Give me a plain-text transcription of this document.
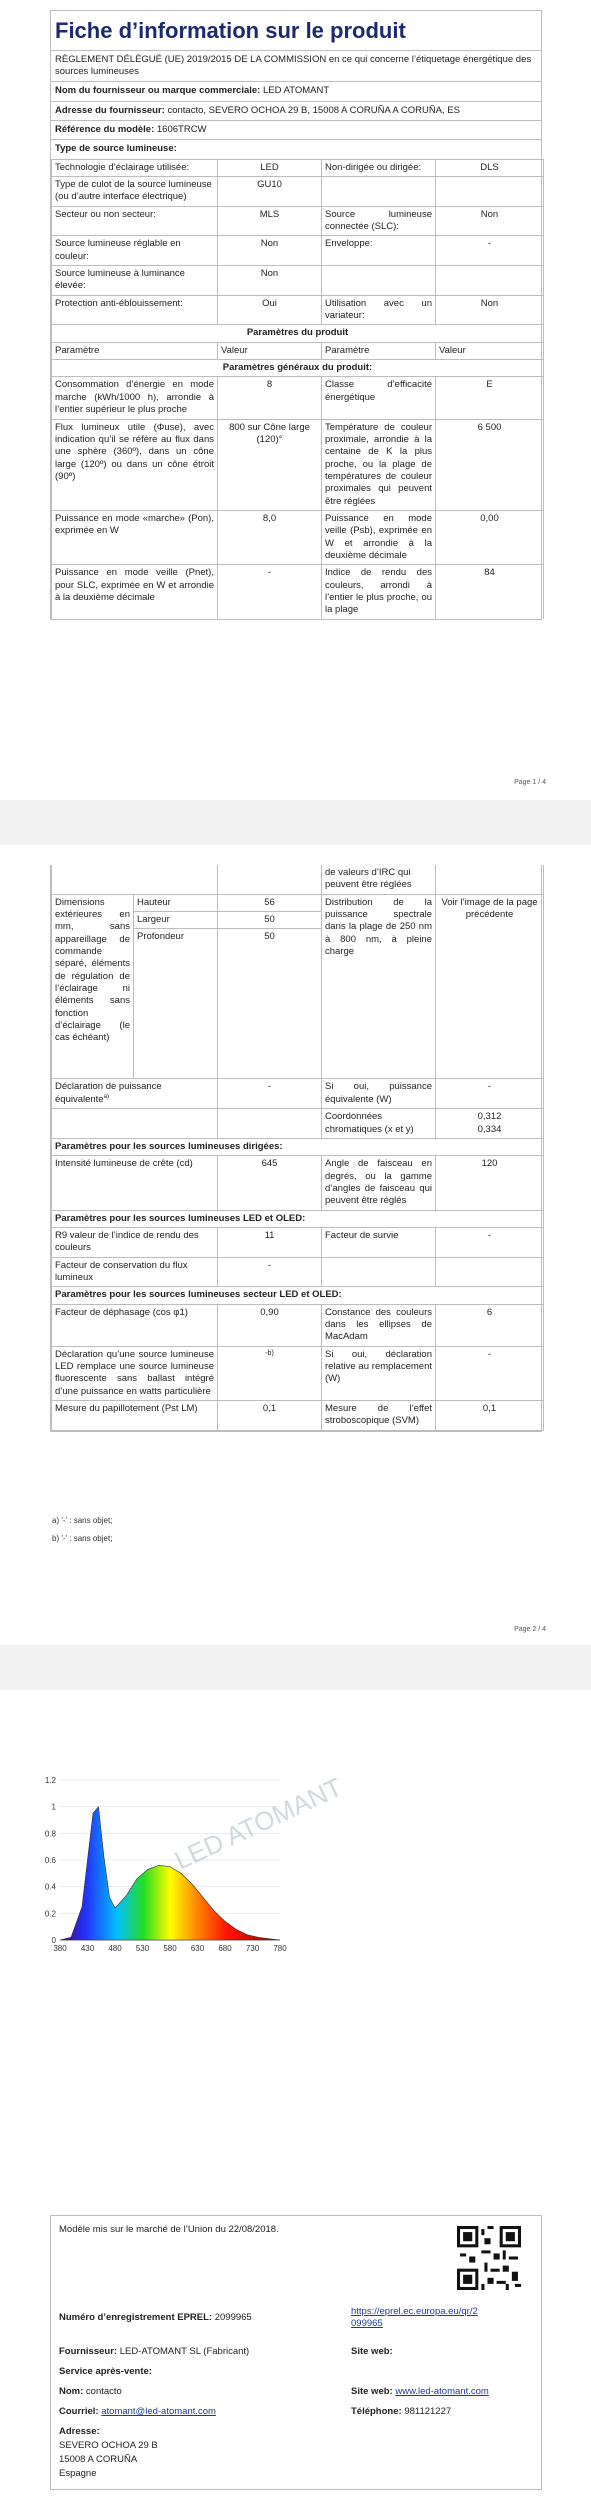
Fiche d’information sur le produit
RÈGLEMENT DÉLÉGUÉ (UE) 2019/2015 DE LA COMMISSION en ce qui concerne l’étiquetage énergétique des sources lumineuses
Nom du fournisseur ou marque commerciale: LED ATOMANT
Adresse du fournisseur: contacto, SEVERO OCHOA 29 B, 15008 A CORUÑA A CORUÑA, ES
Référence du modèle: 1606TRCW
Type de source lumineuse:
Technologie d’éclairage utilisée:	LED	Non-dirigée ou dirigée:	DLS
Type de culot de la source lumineuse (ou d’autre interface électrique)	GU10		
Secteur ou non secteur:	MLS	Source lumineuse connectée (SLC):	Non
Source lumineuse réglable en couleur:	Non	Enveloppe:	-
Source lumineuse à luminance élevée:	Non		
Protection anti-éblouissement:	Oui	Utilisation avec un variateur:	Non
Paramètres du produit			
Paramètre	Valeur	Paramètre	Valeur
Paramètres généraux du produit:			
Consommation d’énergie en mode marche (kWh/1000 h), arrondie à l’entier supérieur le plus proche	8	Classe d’efficacité énergétique	E
Flux lumineux utile (Φuse), avec indication qu’il se réfère au flux dans une sphère (360º), dans un cône large (120º) ou dans un cône étroit (90º)	800 sur Cône large (120)°	Température de couleur proximale, arrondie à la centaine de K la plus proche, ou la plage de températures de couleur proximales qui peuvent être réglées	6 500
Puissance en mode «marche» (Pon), exprimée en W	8,0	Puissance en mode veille (Psb), exprimée en W et arrondie à la deuxième décimale	0,00
Puissance en mode veille (Pnet), pour SLC, exprimée en W et arrondie à la deuxième décimale	-	Indice de rendu des couleurs, arrondi à l’entier le plus proche, ou la plage	84
Page 1 / 4
			de valeurs d’IRC qui peuvent être réglées	
Dimensions extérieures en mm, sans appareillage de commande séparé, éléments de régulation de l’éclairage ni éléments sans fonction d’éclairage (le cas échéant)	Hauteur	56	Distribution de la puissance spectrale dans la plage de 250 nm à 800 nm, à pleine charge	Voir l’image de la page précédente
	Largeur	50		
	Profondeur	50		
Déclaration de puissance équivalente$^{a)}$		-	Si oui, puissance équivalente (W)	-
			Coordonnées chromatiques (x et y)	0,312
0,334

Paramètres pour les sources lumineuses dirigées:				
Intensité lumineuse de crête (cd)		645	Angle de faisceau en degrés, ou la gamme d’angles de faisceau qui peuvent être réglés	120
Paramètres pour les sources lumineuses LED et OLED:				
R9 valeur de l’indice de rendu des couleurs		11	Facteur de survie	-
Facteur de conservation du flux lumineux		-		
Paramètres pour les sources lumineuses secteur LED et OLED:				
Facteur de déphasage (cos φ1)		0,90	Constance des couleurs dans les ellipses de MacAdam	6
Déclaration qu’une source lumineuse LED remplace une source lumineuse fluorescente sans ballast intégré d’une puissance en watts particulière		-b)	Si oui, déclaration relative au remplacement (W)	-
Mesure du papillotement (Pst LM)		0,1	Mesure de l’effet stroboscopique (SVM)	0,1
a) '-' : sans objet;
b) '-' : sans objet;
Page 2 / 4
LED ATOMANT
0
0.2
0.4
0.6
0.8
1
1.2
380 430 480 530 580 630 680 730 780
Modèle mis sur le marché de l’Union du 22/08/2018.
Numéro d’enregistrement EPREL: 2099965
https://eprel.ec.europa.eu/qr/2099965
Fournisseur: LED-ATOMANT SL (Fabricant)	Site web:
Service après-vente:
Nom: contacto	Site web: www.led-atomant.com
Courriel: atomant@led-atomant.com	Téléphone: 981121227
Adresse:
SEVERO OCHOA 29 B
15008 A CORUÑA
Espagne
